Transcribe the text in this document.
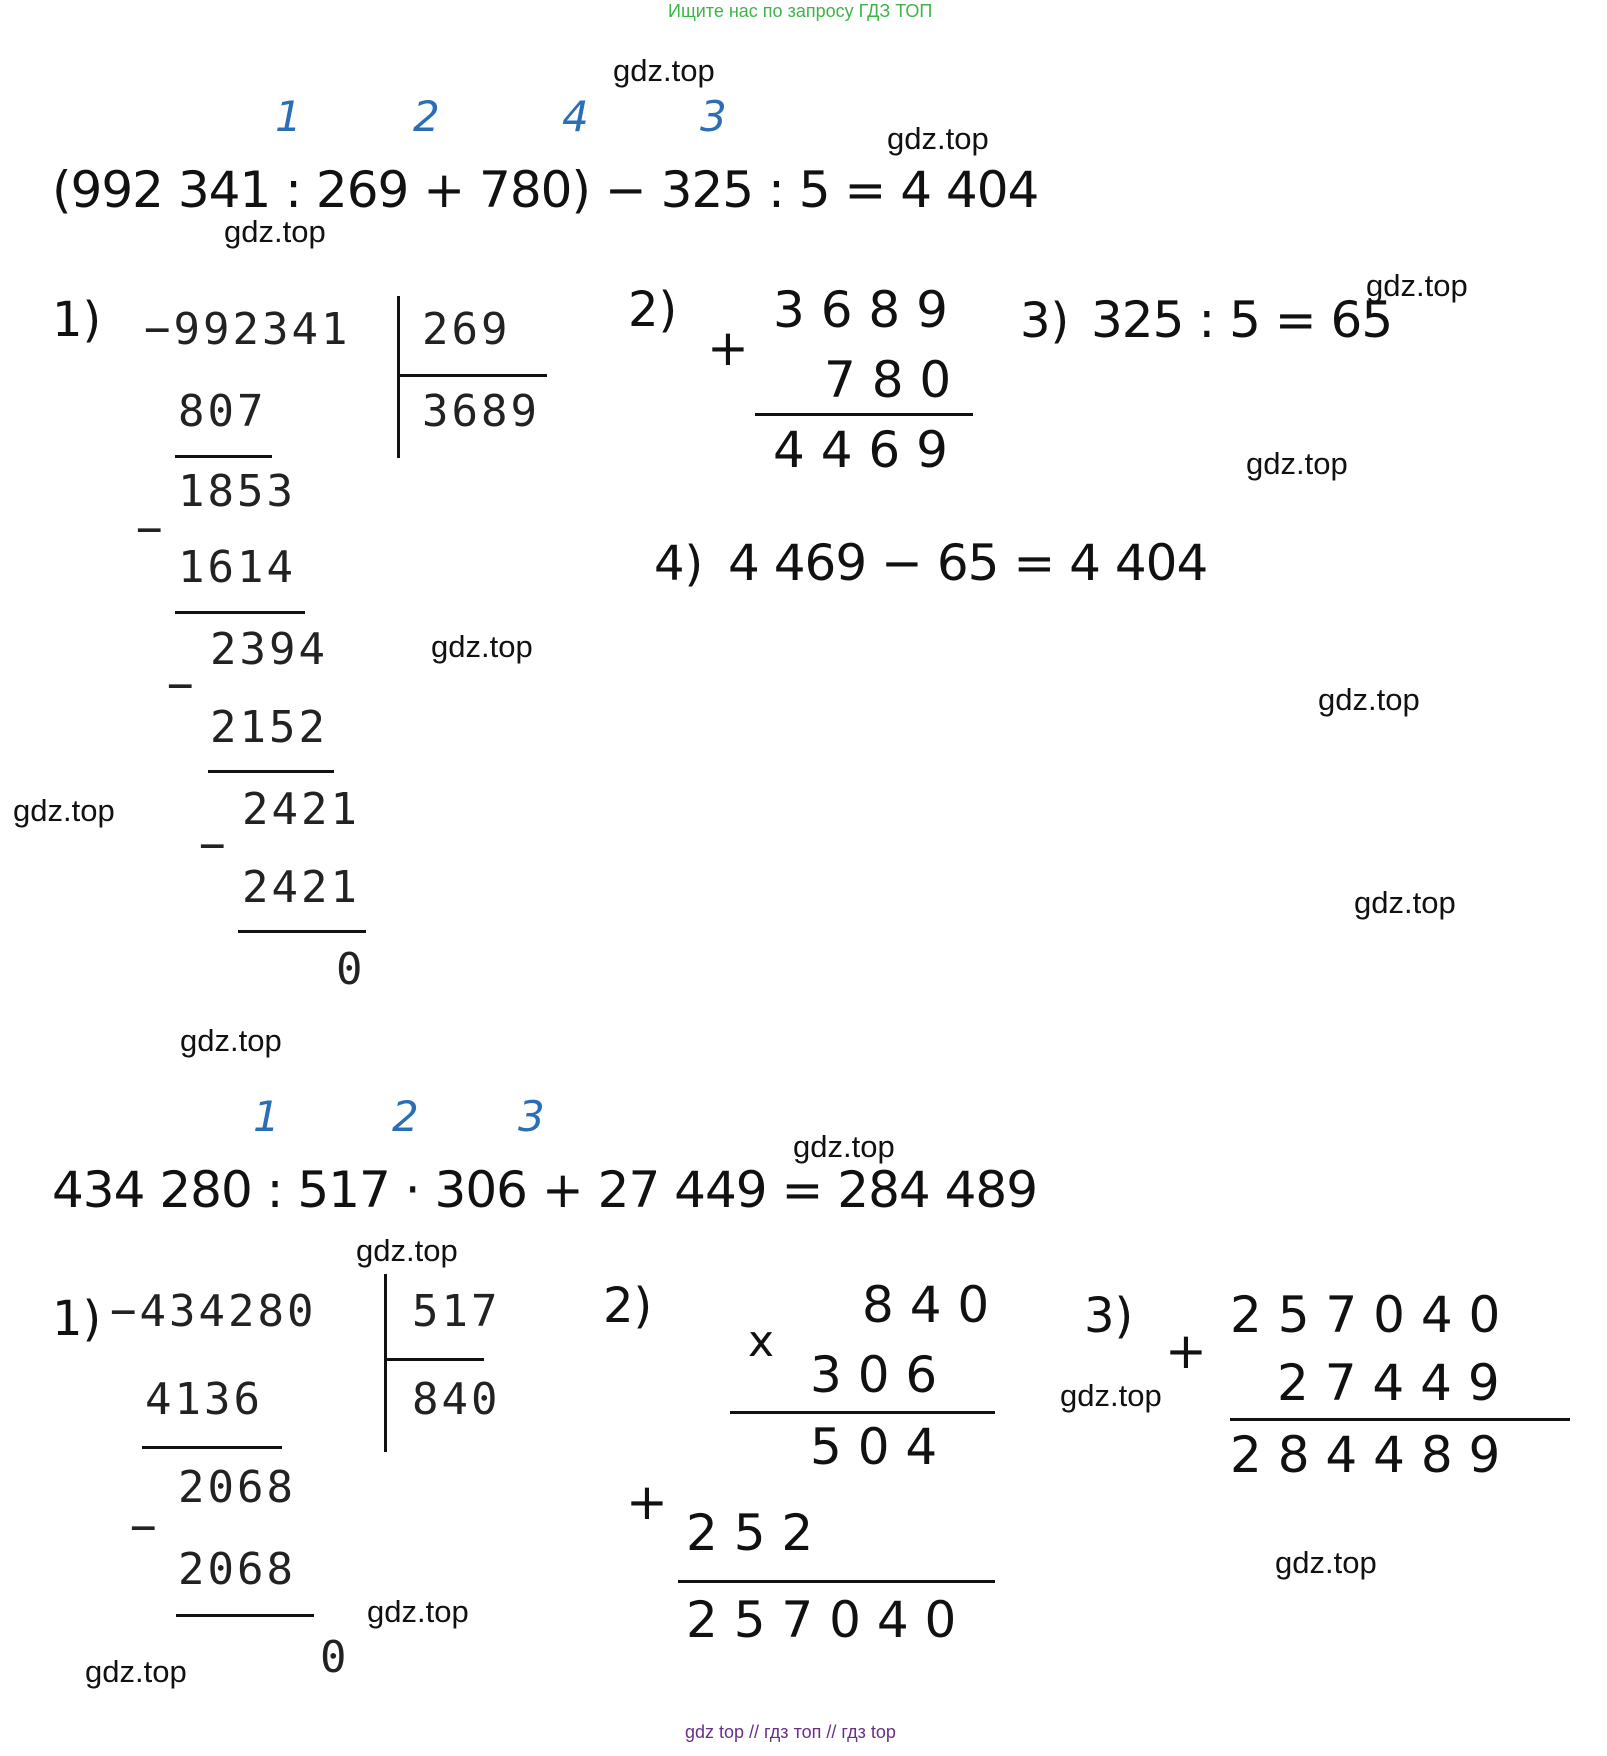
Ищите нас по запросу ГДЗ ТОП
1	2	4	3
(992 341 : 269 + 780) − 325 : 5 = 4 404
1) −992341 269
3689
807
1853
−
1614
2394
−
2152
2421
−
2421
0
2)
+
3 6 8 9
7 8 0
4 4 6 9
3) 325 : 5 = 65
4) 4 469 − 65 = 4 404
1	2 3
434 280 : 517 · 306 + 27 449 = 284 489
1) −434280 517
840
4136
2068
−
2068
0
2)
x
8 4 0
3 0 6
5 0 4
+
2 5 2
2 5 7 0 4 0
3)
+
2 5 7 0 4 0
2 7 4 4 9
2 8 4 4 8 9
gdz.top
gdz.top
gdz.top
gdz.top
gdz.top
gdz.top
gdz.top
gdz.top
gdz.top
gdz.top
gdz.top
gdz.top
gdz.top
gdz.top
gdz.top
gdz.top
gdz top // гдз топ // гдз top
